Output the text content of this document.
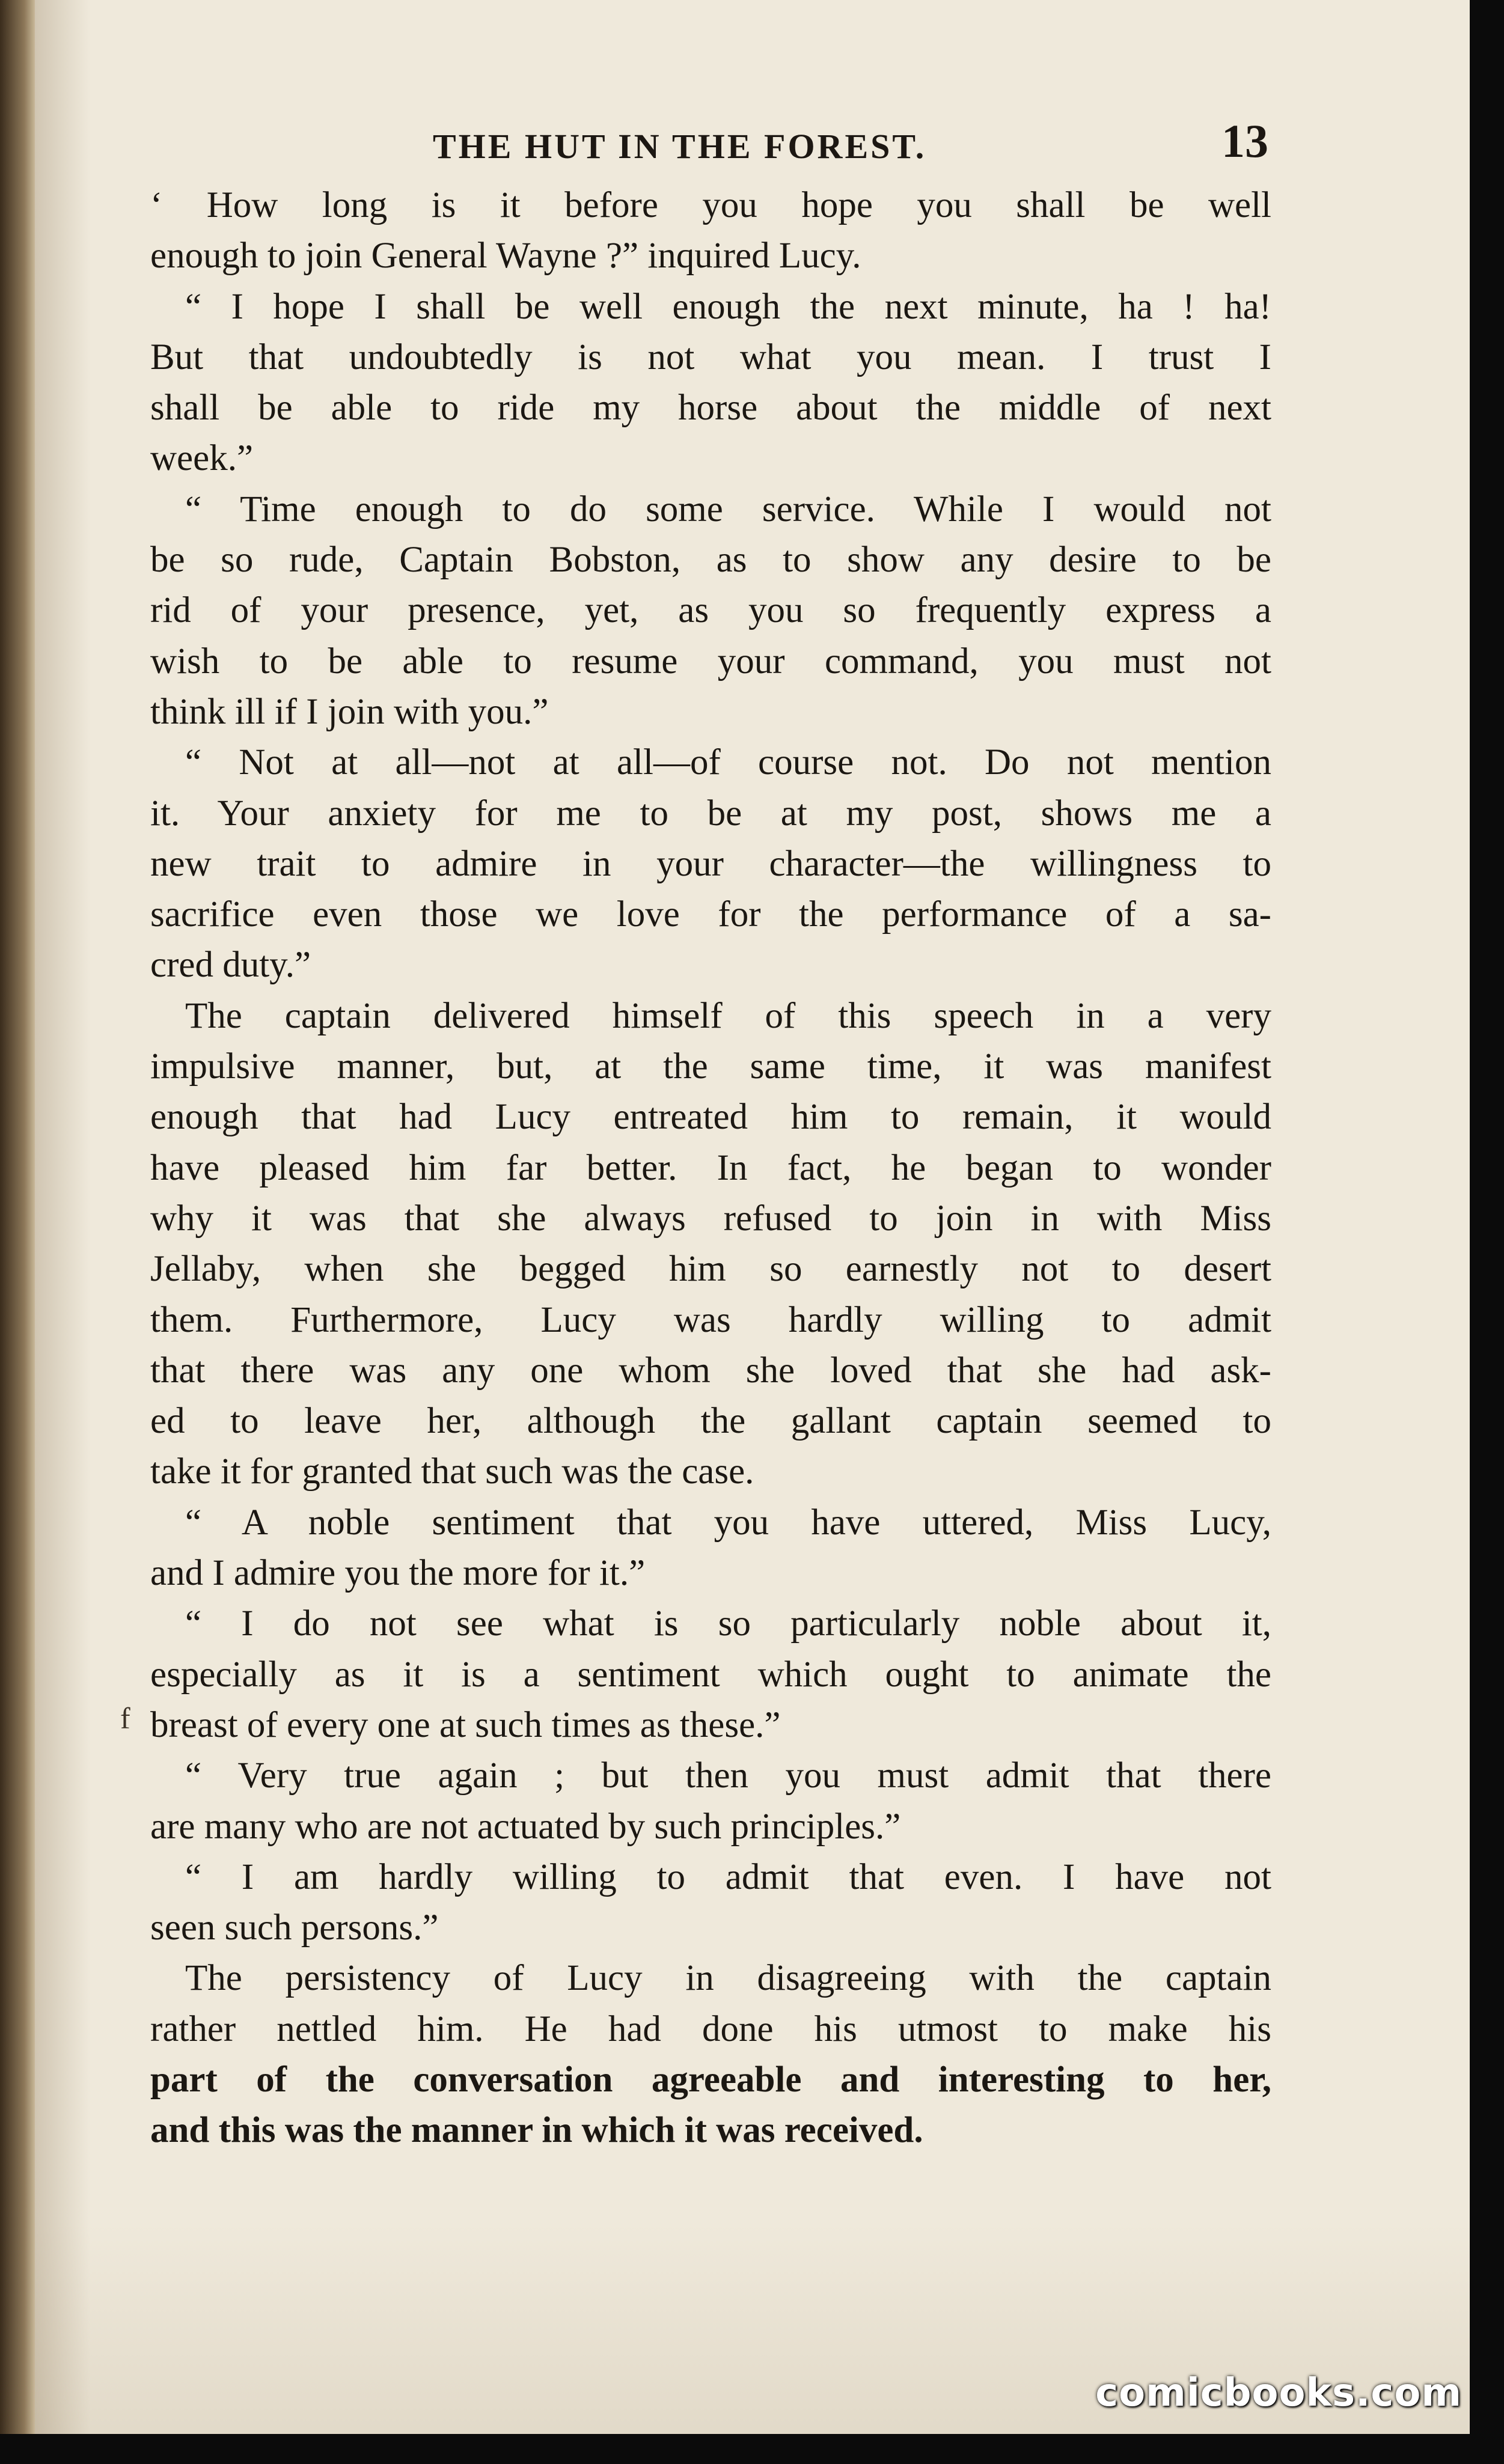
THE HUT IN THE FOREST.	13
‘ How long is it before you hope you shall be well
enough to join General Wayne ?” inquired Lucy.
“ I hope I shall be well enough the next minute, ha ! ha!
But that undoubtedly is not what you mean. I trust I
shall be able to ride my horse about the middle of next
week.”
“ Time enough to do some service. While I would not
be so rude, Captain Bobston, as to show any desire to be
rid of your presence, yet, as you so frequently express a
wish to be able to resume your command, you must not
think ill if I join with you.”
“ Not at all—not at all—of course not. Do not mention
it. Your anxiety for me to be at my post, shows me a
new trait to admire in your character—the willingness to
sacrifice even those we love for the performance of a sa-
cred duty.”
The captain delivered himself of this speech in a very
impulsive manner, but, at the same time, it was manifest
enough that had Lucy entreated him to remain, it would
have pleased him far better. In fact, he began to wonder
why it was that she always refused to join in with Miss
Jellaby, when she begged him so earnestly not to desert
them. Furthermore, Lucy was hardly willing to admit
that there was any one whom she loved that she had ask-
ed to leave her, although the gallant captain seemed to
take it for granted that such was the case.
“ A noble sentiment that you have uttered, Miss Lucy,
and I admire you the more for it.”
“ I do not see what is so particularly noble about it,
especially as it is a sentiment which ought to animate the
breast of every one at such times as these.”
“ Very true again ; but then you must admit that there
are many who are not actuated by such principles.”
“ I am hardly willing to admit that even. I have not
seen such persons.”
The persistency of Lucy in disagreeing with the captain
rather nettled him. He had done his utmost to make his
part of the conversation agreeable and interesting to her,
and this was the manner in which it was received.
f
comicbooks.com
